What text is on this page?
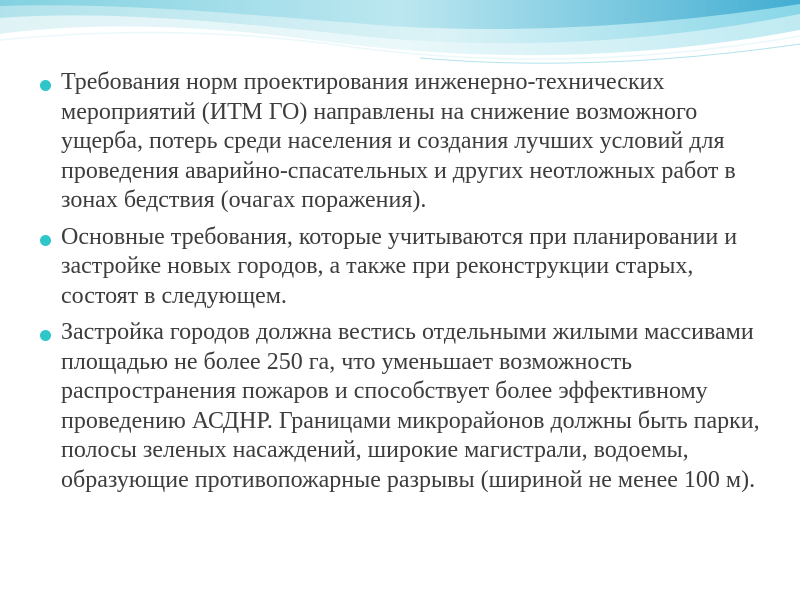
Требования норм проектирования инженерно-технических мероприятий (ИТМ ГО) направлены на снижение возможного ущерба, потерь среди населения и создания лучших условий для проведения аварийно-спасательных и других неотложных работ в зонах бедствия (очагах поражения).
Основные требования, которые учитываются при планировании и застройке новых городов, а также при реконструкции старых, состоят в следующем.
Застройка городов должна вестись отдельными жилыми массивами площадью не более 250 га, что уменьшает возможность распространения пожаров и способствует более эффективному проведению АСДНР. Границами микрорайонов должны быть парки, полосы зеленых насаждений, широкие магистрали, водоемы, образующие противопожарные разрывы (шириной не менее 100 м).
